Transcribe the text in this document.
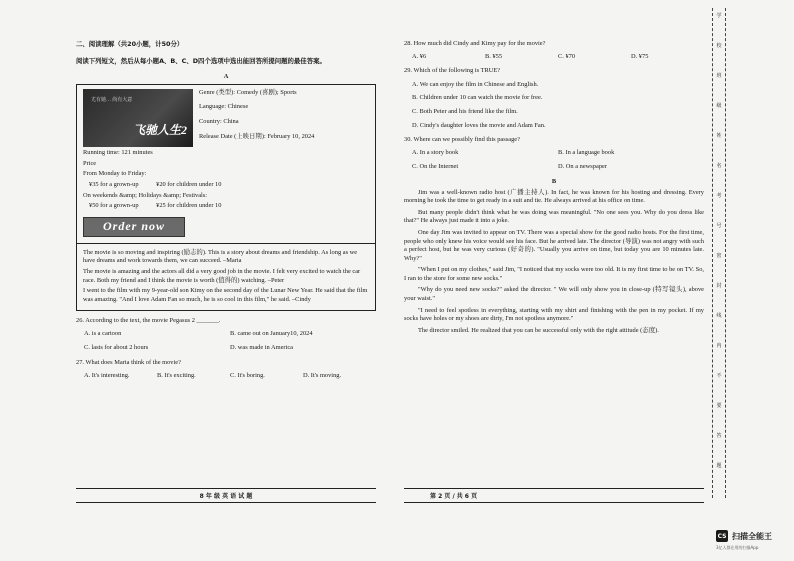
二、阅读理解（共20小题，计50分）
阅读下列短文，然后从每小题A、B、C、D四个选项中选出能回答所提问题的最佳答案。
A
尤有她… 尚有大意
飞驰人生2
Genre (类型): Comedy (喜剧); Sports
Language: Chinese
Country: China
Release Date (上映日期): February 10, 2024
Running time: 121 minutes
Price
From Monday to Friday:
¥35 for a grown-up	¥20 for children under 10
On weekends &amp; Holidays &amp; Festivals:
¥50 for a grown-up	¥25 for children under 10
Order now
The movie is so moving and inspiring (励志的). This is a story about dreams and friendship. As long as we have dreams and work towards them, we can succeed. –Maria
The movie is amazing and the actors all did a very good job in the movie. I felt very excited to watch the car race. Both my friend and I think the movie is worth (值得的) watching. –Peter
I went to the film with my 9-year-old son Kimy on the second day of the Lunar New Year. He said that the film was amazing. "And I love Adam Fan so much, he is so cool in this film," he said. –Cindy
26. According to the text, the movie Pegasus 2 _______.
A. is a cartoon	B. came out on January10, 2024
C. lasts for about 2 hours	D. was made in America
27. What does Maria think of the movie?
A. It's interesting.	B. It's exciting.	C. It's boring.	D. It's moving.
8 年 级 英 语 试 题
28. How much did Cindy and Kimy pay for the movie?
A. ¥6	B. ¥55	C. ¥70	D. ¥75
29. Which of the following is TRUE?
A. We can enjoy the film in Chinese and English.
B. Children under 10 can watch the movie for free.
C. Both Peter and his friend like the film.
D. Cindy's daughter loves the movie and Adam Fan.
30. Where can we possibly find this passage?
A. In a story book	B. In a language book
C. On the Internet	D. On a newspaper
B

Jim was a well-known radio host (广播主持人). In fact, he was known for his hosting and dressing. Every morning he took the time to get ready in a suit and tie. He always arrived at his office on time.

But many people didn't think what he was doing was meaningful. "No one sees you. Why do you dress like that?" He always just made it into a joke.

One day Jim was invited to appear on TV. There was a special show for the good radio hosts. For the first time, people who only knew his voice would see his face. But he arrived late. The director (导演) was not angry with such a perfect host, but he was very curious (好奇的). "Usually you arrive on time, but today you are 10 minutes late. Why?"

"When I put on my clothes," said Jim, "I noticed that my socks were too old. It is my first time to be on TV. So, I ran to the store for some new socks."

"Why do you need new socks?" asked the director. " We will only show you in close-up (特写镜头), above your waist."

"I need to feel spotless in everything, starting with my shirt and finishing with the pen in my pocket. If my socks have holes or my shoes are dirty, I'm not spotless anymore."

The director smiled. He realized that you can be successful only with the right attitude (态度).

第 2 页 / 共 6 页
学
校
班
级
姓
名
考
号
密
封
线
内
不
要
答
题
CS 扫描全能王
3亿人都在用的扫描App
